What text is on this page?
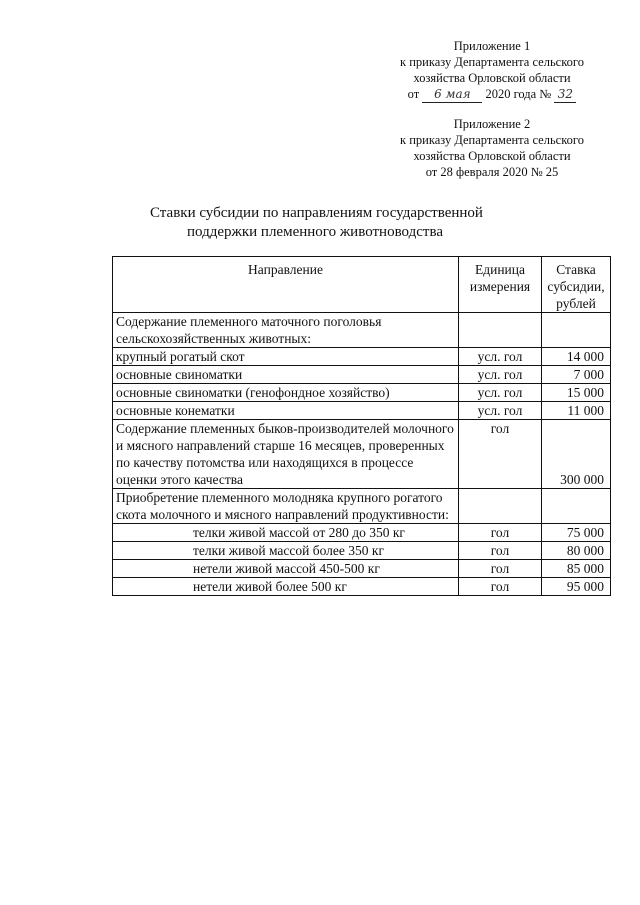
Приложение 1
к приказу Департамента сельского
хозяйства Орловской области
от 6 мая 2020 года № 32
Приложение 2
к приказу Департамента сельского
хозяйства Орловской области
от 28 февраля 2020 № 25
Ставки субсидии по направлениям государственной
поддержки племенного животноводства
Направление	Единица измерения	Ставка субсидии, рублей
Содержание племенного маточного поголовья сельскохозяйственных животных:		
крупный рогатый скот	усл. гол	14 000
основные свиноматки	усл. гол	7 000
основные свиноматки (генофондное хозяйство)	усл. гол	15 000
основные конематки	усл. гол	11 000
Содержание племенных быков-производителей молочного и мясного направлений старше 16 месяцев, проверенных по качеству потомства или находящихся в процессе оценки этого качества	гол	300 000
Приобретение племенного молодняка крупного рогатого скота молочного и мясного направлений продуктивности:		
телки живой массой от 280 до 350 кг	гол	75 000
телки живой массой более 350 кг	гол	80 000
нетели живой массой 450-500 кг	гол	85 000
нетели живой более 500 кг	гол	95 000
